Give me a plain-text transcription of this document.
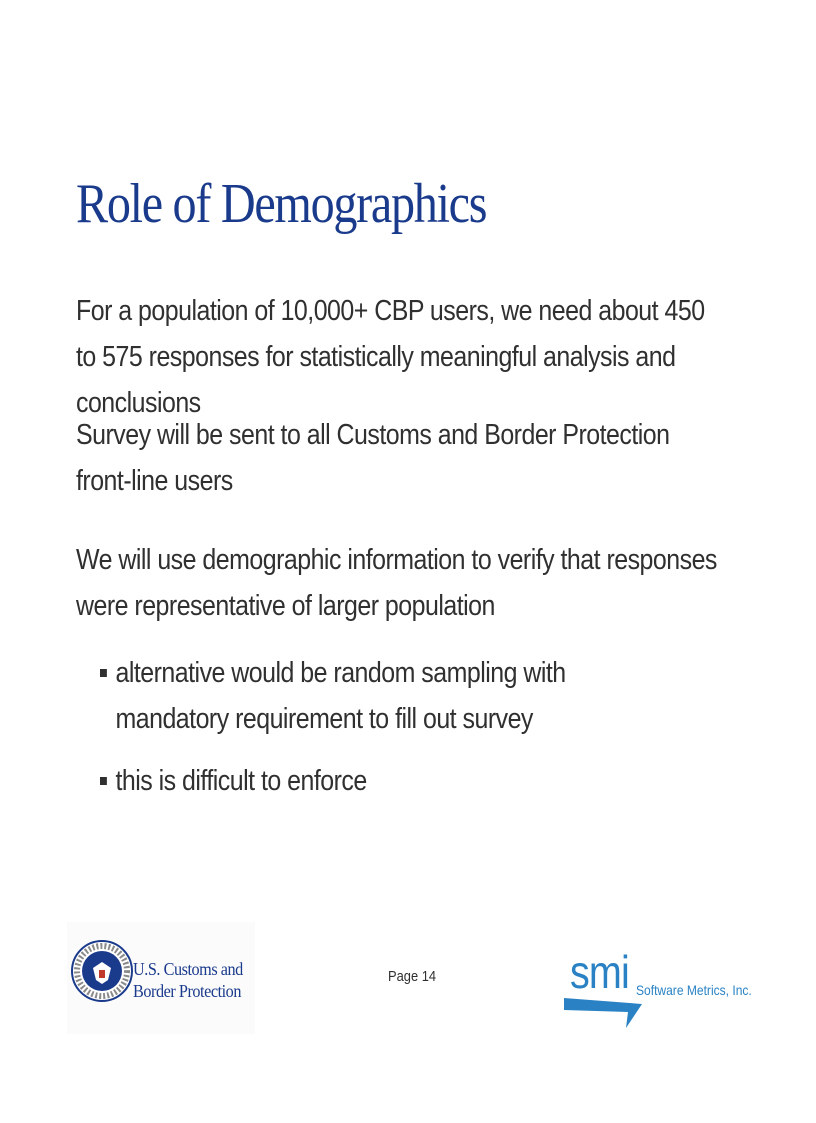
Role of Demographics

For a population of 10,000+ CBP users, we need about 450 to 575 responses for statistically meaningful analysis and conclusions

Survey will be sent to all Customs and Border Protection front-line users

We will use demographic information to verify that responses were representative of larger population

alternative would be random sampling with mandatory requirement to fill out survey
this is difficult to enforce
U.S. Customs and
Border Protection
Page 14	smi Software Metrics, Inc.
